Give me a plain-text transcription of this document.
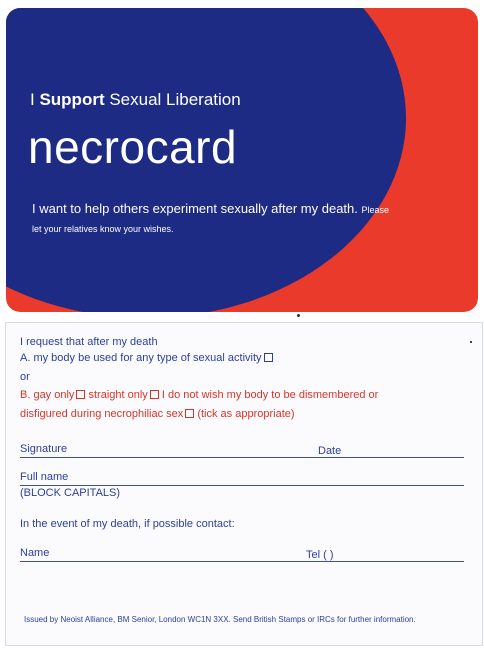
I Support Sexual Liberation
necrocard
I want to help others experiment sexually after my death. Please let your relatives know your wishes.
I request that after my death
A. my body be used for any type of sexual activity
or
B. gay only straight only I do not wish my body to be dismembered or
disfigured during necrophiliac sex (tick as appropriate)
Signature	Date
Full name
(BLOCK CAPITALS)
In the event of my death, if possible contact:
Name	Tel ( )
Issued by Neoist Alliance, BM Senior, London WC1N 3XX. Send British Stamps or IRCs for further information.
